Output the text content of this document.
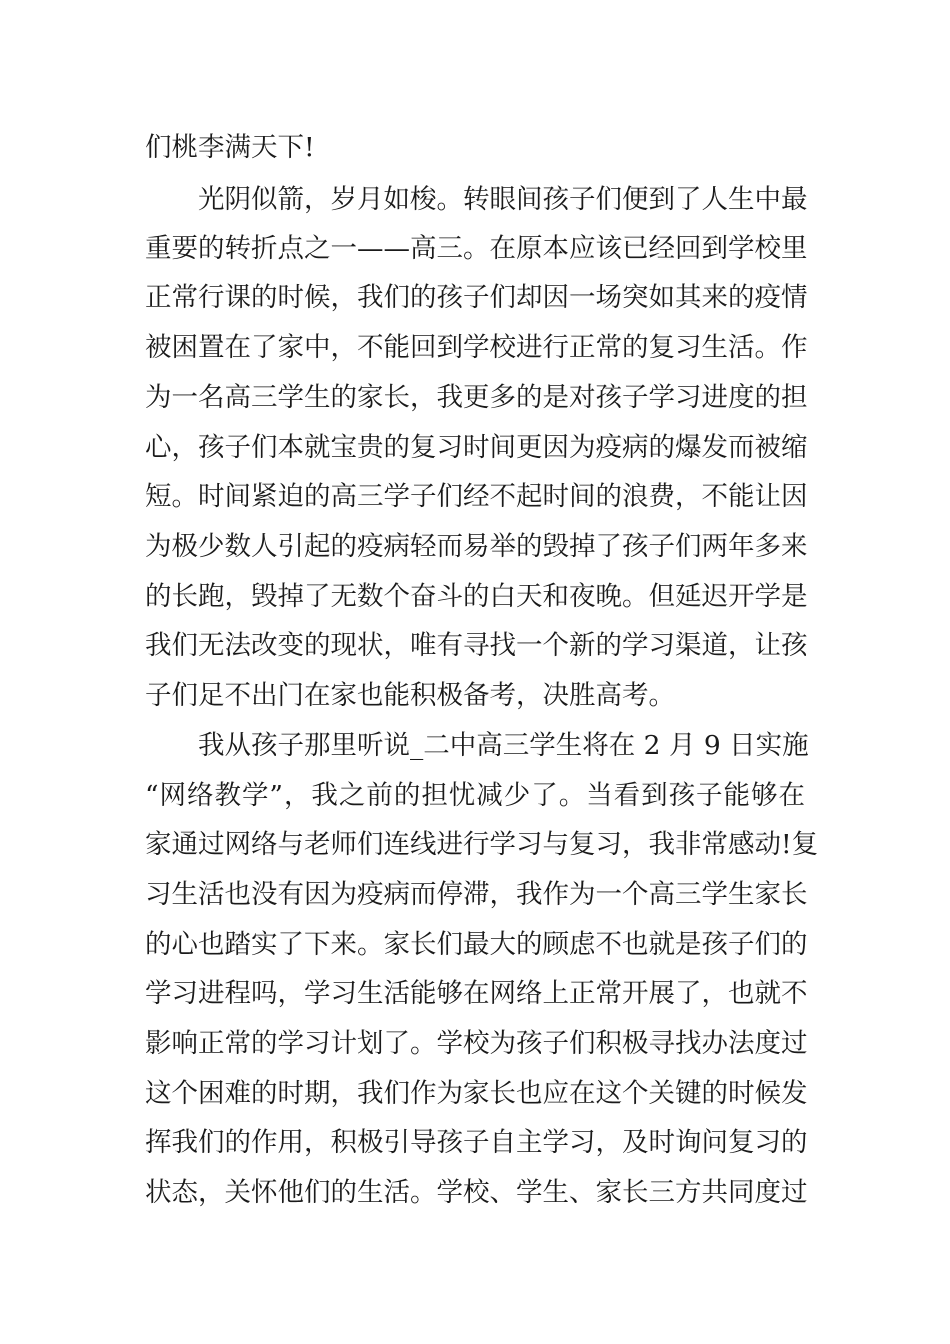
们桃李满天下!
光阴似箭，岁月如梭。转眼间孩子们便到了人生中最
重要的转折点之一——高三。在原本应该已经回到学校里
正常行课的时候，我们的孩子们却因一场突如其来的疫情
被困置在了家中，不能回到学校进行正常的复习生活。作
为一名高三学生的家长，我更多的是对孩子学习进度的担
心，孩子们本就宝贵的复习时间更因为疫病的爆发而被缩
短。时间紧迫的高三学子们经不起时间的浪费，不能让因
为极少数人引起的疫病轻而易举的毁掉了孩子们两年多来
的长跑，毁掉了无数个奋斗的白天和夜晚。但延迟开学是
我们无法改变的现状，唯有寻找一个新的学习渠道，让孩
子们足不出门在家也能积极备考，决胜高考。
我从孩子那里听说_二中高三学生将在 2 月 9 日实施
“网络教学”，我之前的担忧减少了。当看到孩子能够在
家通过网络与老师们连线进行学习与复习，我非常感动!复
习生活也没有因为疫病而停滞，我作为一个高三学生家长
的心也踏实了下来。家长们最大的顾虑不也就是孩子们的
学习进程吗，学习生活能够在网络上正常开展了，也就不
影响正常的学习计划了。学校为孩子们积极寻找办法度过
这个困难的时期，我们作为家长也应在这个关键的时候发
挥我们的作用，积极引导孩子自主学习，及时询问复习的
状态，关怀他们的生活。学校、学生、家长三方共同度过
